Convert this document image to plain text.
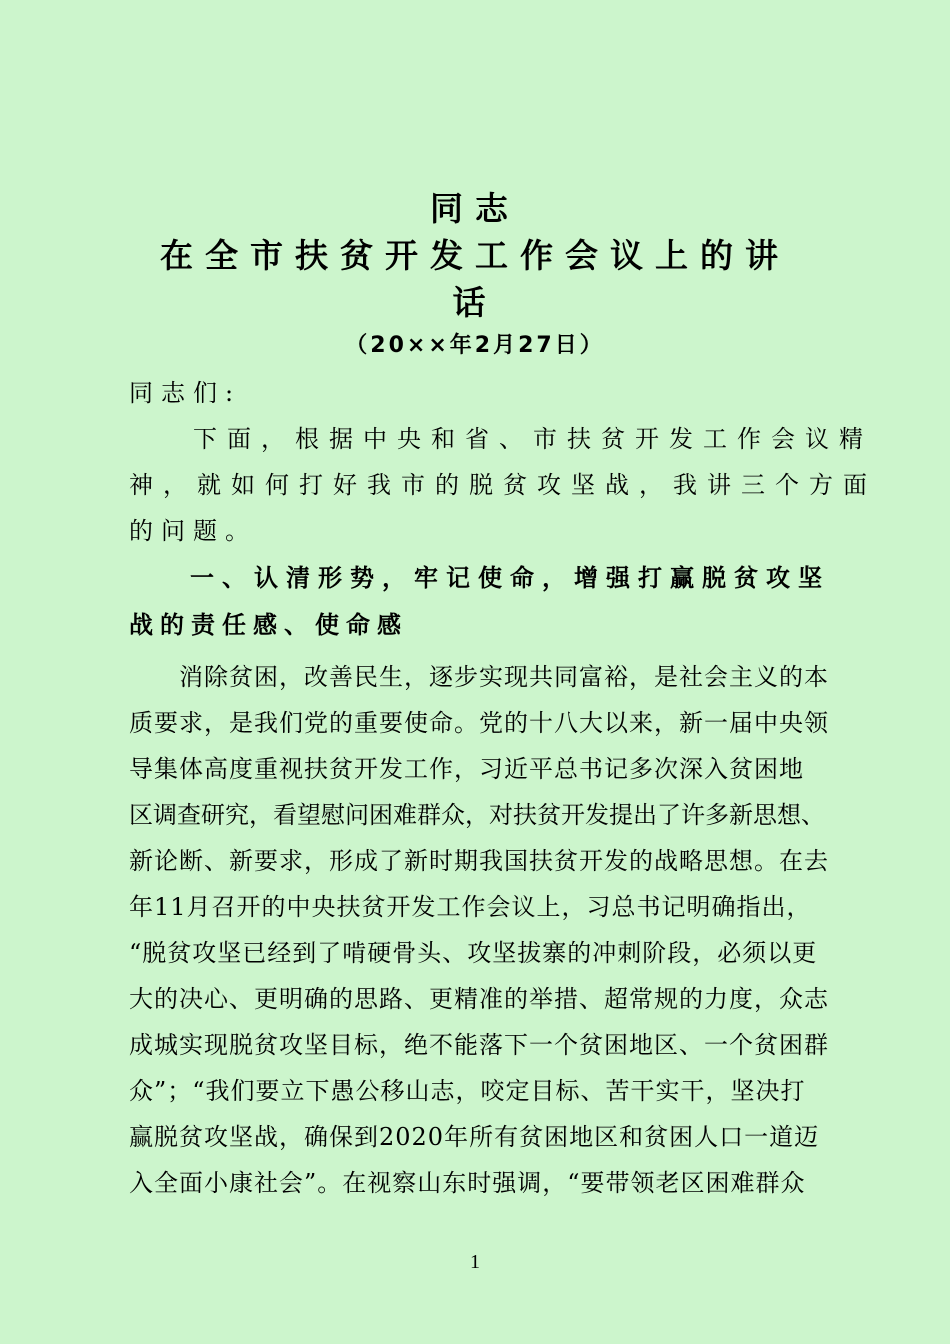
同志
在全市扶贫开发工作会议上的讲
话
（20××年2月27日）
同志们:
下面，根据中央和省、市扶贫开发工作会议精
神，就如何打好我市的脱贫攻坚战，我讲三个方面
的问题。
一、认清形势，牢记使命，增强打赢脱贫攻坚
战的责任感、使命感
消除贫困，改善民生，逐步实现共同富裕，是社会主义的本
质要求，是我们党的重要使命。党的十八大以来，新一届中央领
导集体高度重视扶贫开发工作，习近平总书记多次深入贫困地
区调查研究，看望慰问困难群众，对扶贫开发提出了许多新思想、
新论断、新要求，形成了新时期我国扶贫开发的战略思想。在去
年11月召开的中央扶贫开发工作会议上，习总书记明确指出，
“脱贫攻坚已经到了啃硬骨头、攻坚拔寨的冲刺阶段，必须以更
大的决心、更明确的思路、更精准的举措、超常规的力度，众志
成城实现脱贫攻坚目标，绝不能落下一个贫困地区、一个贫困群
众”；“我们要立下愚公移山志，咬定目标、苦干实干，坚决打
赢脱贫攻坚战，确保到2020年所有贫困地区和贫困人口一道迈
入全面小康社会”。在视察山东时强调，“要带领老区困难群众
1
